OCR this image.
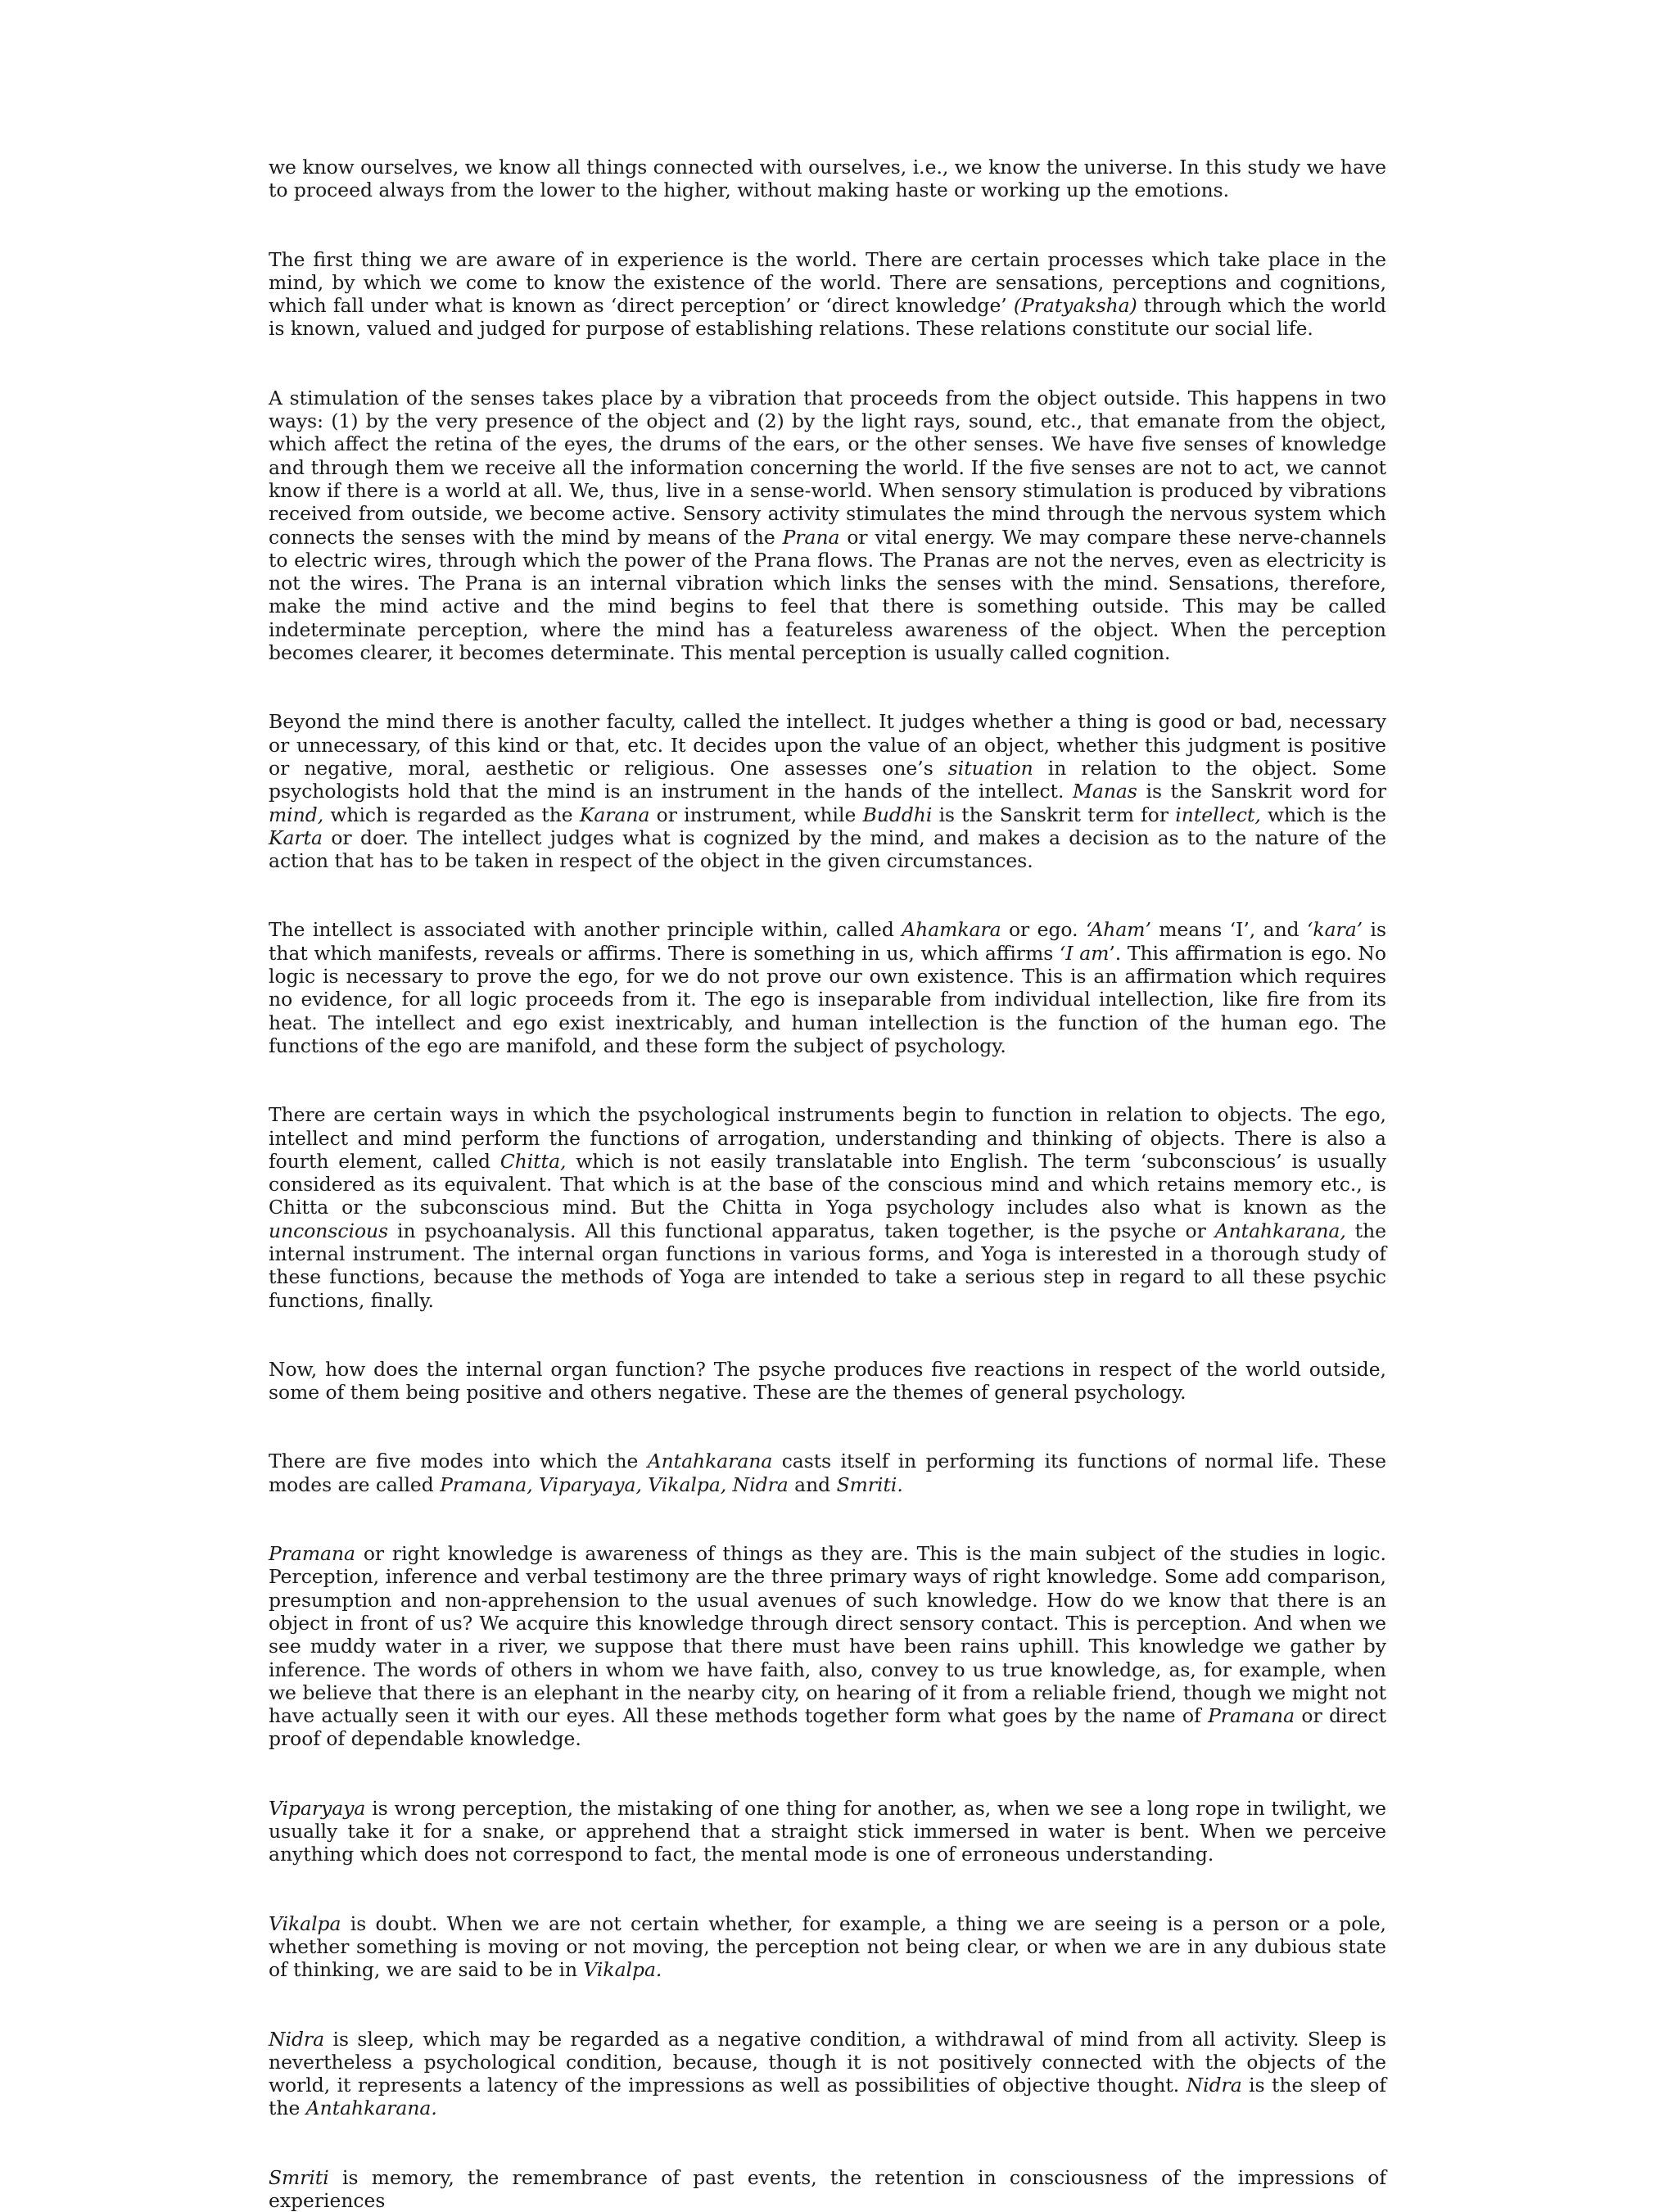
we know ourselves, we know all things connected with ourselves, i.e., we know the universe. In this study we have to proceed always from the lower to the higher, without making haste or working up the emotions.

The first thing we are aware of in experience is the world. There are certain processes which take place in the mind, by which we come to know the existence of the world. There are sensations, perceptions and cognitions, which fall under what is known as ‘direct perception’ or ‘direct knowledge’ (Pratyaksha) through which the world is known, valued and judged for purpose of establishing relations. These relations constitute our social life.

A stimulation of the senses takes place by a vibration that proceeds from the object outside. This happens in two ways: (1) by the very presence of the object and (2) by the light rays, sound, etc., that emanate from the object, which affect the retina of the eyes, the drums of the ears, or the other senses. We have five senses of knowledge and through them we receive all the information concerning the world. If the five senses are not to act, we cannot know if there is a world at all. We, thus, live in a sense-world. When sensory stimulation is produced by vibrations received from outside, we become active. Sensory activity stimulates the mind through the nervous system which connects the senses with the mind by means of the Prana or vital energy. We may compare these nerve-channels to electric wires, through which the power of the Prana flows. The Pranas are not the nerves, even as electricity is not the wires. The Prana is an internal vibration which links the senses with the mind. Sensations, therefore, make the mind active and the mind begins to feel that there is something outside. This may be called indeterminate perception, where the mind has a featureless awareness of the object. When the perception becomes clearer, it becomes determinate. This mental perception is usually called cognition.

Beyond the mind there is another faculty, called the intellect. It judges whether a thing is good or bad, necessary or unnecessary, of this kind or that, etc. It decides upon the value of an object, whether this judgment is positive or negative, moral, aesthetic or religious. One assesses one’s situation in relation to the object. Some psychologists hold that the mind is an instrument in the hands of the intellect. Manas is the Sanskrit word for mind, which is regarded as the Karana or instrument, while Buddhi is the Sanskrit term for intellect, which is the Karta or doer. The intellect judges what is cognized by the mind, and makes a decision as to the nature of the action that has to be taken in respect of the object in the given circumstances.

The intellect is associated with another principle within, called Ahamkara or ego. ‘Aham’ means ‘I’, and ‘kara’ is that which manifests, reveals or affirms. There is something in us, which affirms ‘I am’. This affirmation is ego. No logic is necessary to prove the ego, for we do not prove our own existence. This is an affirmation which requires no evidence, for all logic proceeds from it. The ego is inseparable from individual intellection, like fire from its heat. The intellect and ego exist inextricably, and human intellection is the function of the human ego. The functions of the ego are manifold, and these form the subject of psychology.

There are certain ways in which the psychological instruments begin to function in relation to objects. The ego, intellect and mind perform the functions of arrogation, understanding and thinking of objects. There is also a fourth element, called Chitta, which is not easily translatable into English. The term ‘subconscious’ is usually considered as its equivalent. That which is at the base of the conscious mind and which retains memory etc., is Chitta or the subconscious mind. But the Chitta in Yoga psychology includes also what is known as the unconscious in psychoanalysis. All this functional apparatus, taken together, is the psyche or Antahkarana, the internal instrument. The internal organ functions in various forms, and Yoga is interested in a thorough study of these functions, because the methods of Yoga are intended to take a serious step in regard to all these psychic functions, finally.

Now, how does the internal organ function? The psyche produces five reactions in respect of the world outside, some of them being positive and others negative. These are the themes of general psychology.

There are five modes into which the Antahkarana casts itself in performing its functions of normal life. These modes are called Pramana, Viparyaya, Vikalpa, Nidra and Smriti.

Pramana or right knowledge is awareness of things as they are. This is the main subject of the studies in logic. Perception, inference and verbal testimony are the three primary ways of right knowledge. Some add comparison, presumption and non-apprehension to the usual avenues of such knowledge. How do we know that there is an object in front of us? We acquire this knowledge through direct sensory contact. This is perception. And when we see muddy water in a river, we suppose that there must have been rains uphill. This knowledge we gather by inference. The words of others in whom we have faith, also, convey to us true knowledge, as, for example, when we believe that there is an elephant in the nearby city, on hearing of it from a reliable friend, though we might not have actually seen it with our eyes. All these methods together form what goes by the name of Pramana or direct proof of dependable knowledge.

Viparyaya is wrong perception, the mistaking of one thing for another, as, when we see a long rope in twilight, we usually take it for a snake, or apprehend that a straight stick immersed in water is bent. When we perceive anything which does not correspond to fact, the mental mode is one of erroneous understanding.

Vikalpa is doubt. When we are not certain whether, for example, a thing we are seeing is a person or a pole, whether something is moving or not moving, the perception not being clear, or when we are in any dubious state of thinking, we are said to be in Vikalpa.

Nidra is sleep, which may be regarded as a negative condition, a withdrawal of mind from all activity. Sleep is nevertheless a psychological condition, because, though it is not positively connected with the objects of the world, it represents a latency of the impressions as well as possibilities of objective thought. Nidra is the sleep of the Antahkarana.

Smriti is memory, the remembrance of past events, the retention in consciousness of the impressions of experiences
